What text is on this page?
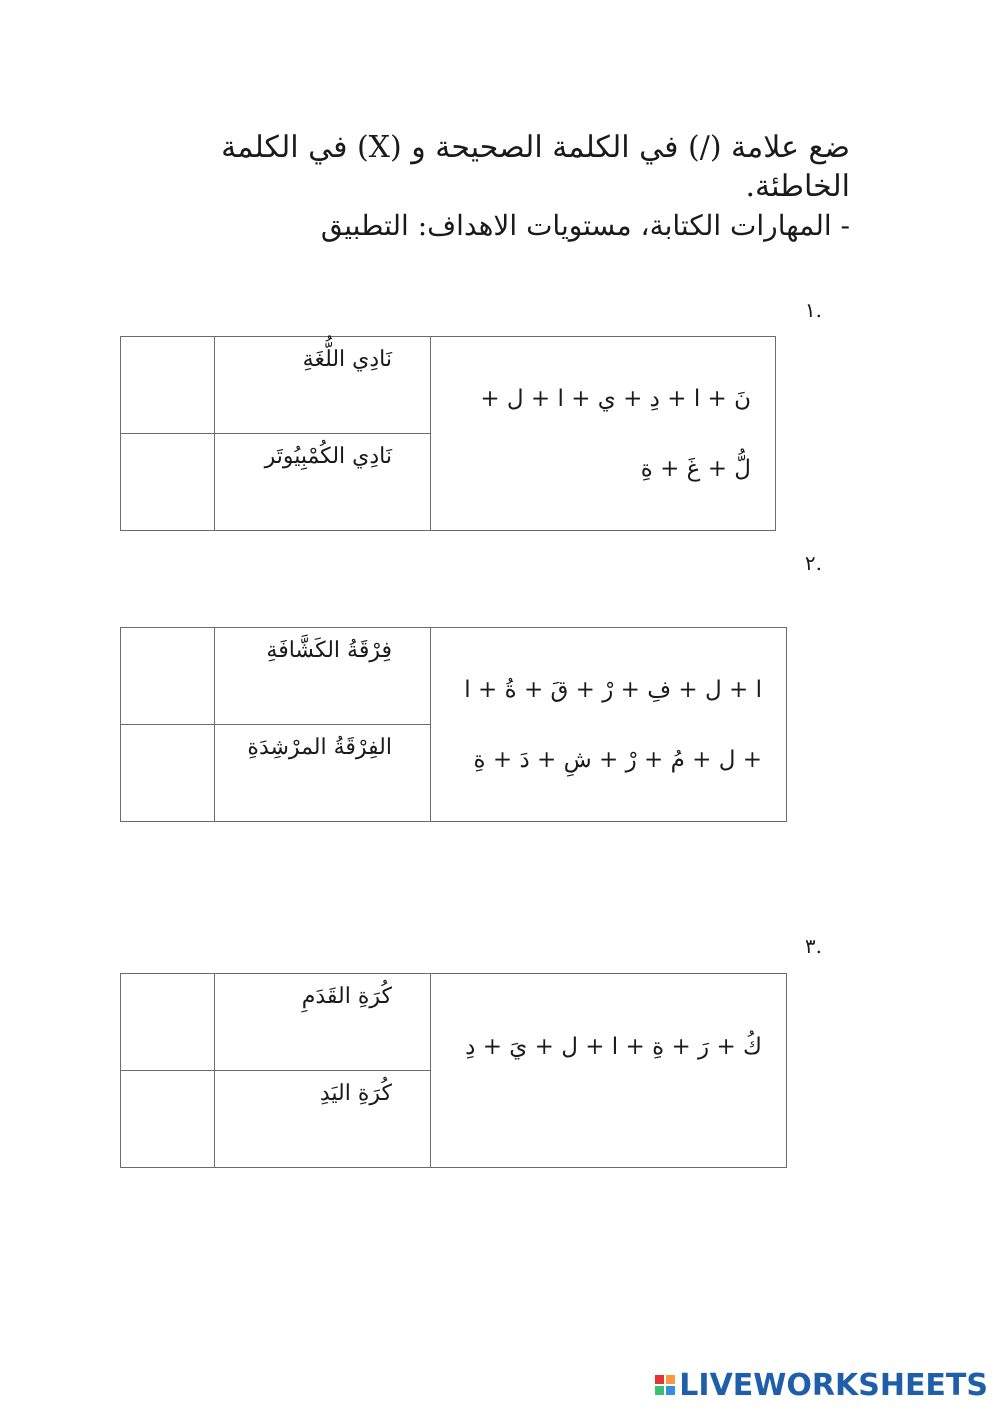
ضع علامة (/) في الكلمة الصحيحة و (X) في الكلمة الخاطئة.
- المهارات الكتابة، مستويات الاهداف: التطبيق
.١

	نَادِي اللُّغَةِ	نَ + ا + دِ + ي + ا + ل +
لُّ + غَ + ةِ

	نَادِي الكُمْبِيُوتَر	
.٢

	فِرْقَةُ الكَشَّافَةِ	ا + ل + فِ + رْ + قَ + ةُ + ا
+ ل + مُ + رْ + شِ + دَ + ةِ

	الفِرْقَةُ المرْشِدَةِ	
.٣

	كُرَةِ القَدَمِ	كُ + رَ + ةِ + ا + ل + يَ + دِ

	كُرَةِ اليَدِ	
LIVEWORKSHEETS
